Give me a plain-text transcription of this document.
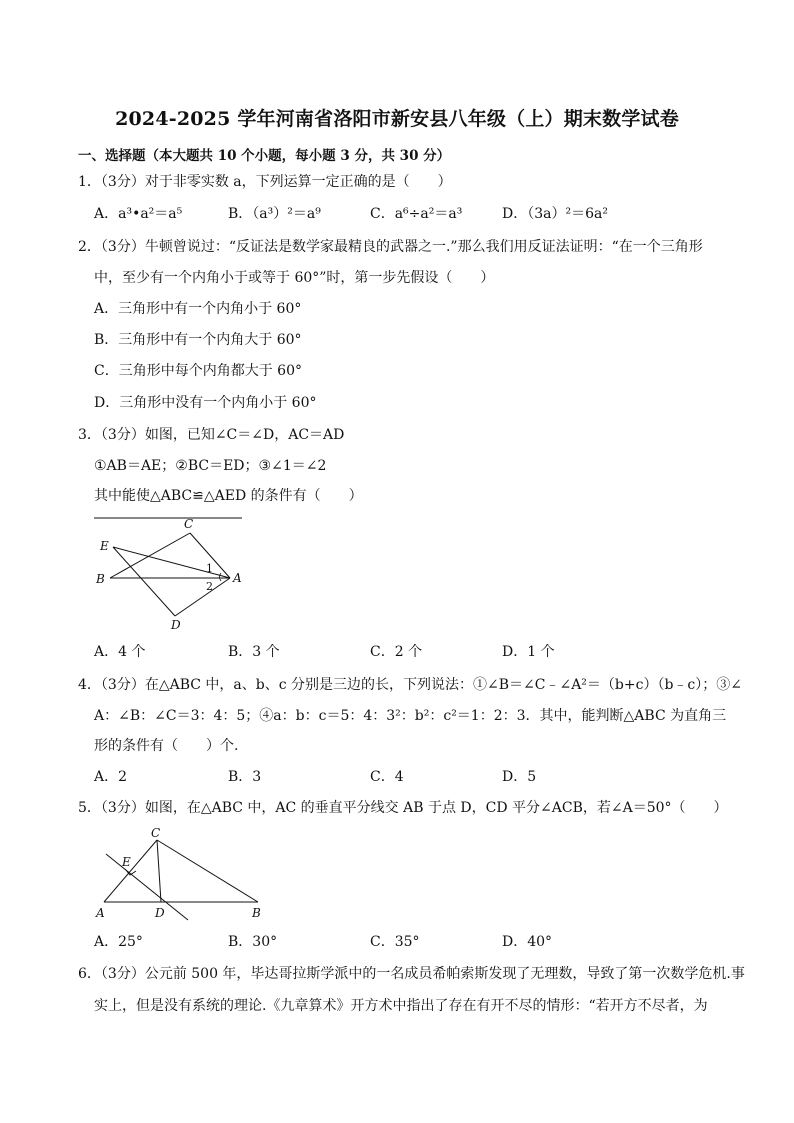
2024-2025 学年河南省洛阳市新安县八年级（上）期末数学试卷
一、选择题（本大题共 10 个小题，每小题 3 分，共 30 分）
1．（3分）对于非零实数 a，下列运算一定正确的是（　　）
A．a³•a²＝a⁵	B．（a³）²＝a⁹	C．a⁶÷a²＝a³	D．（3a）²＝6a²
2．（3分）牛顿曾说过：“反证法是数学家最精良的武器之一.”那么我们用反证法证明：“在一个三角形
中，至少有一个内角小于或等于 60°”时，第一步先假设（　　）
A．三角形中有一个内角小于 60°
B．三角形中有一个内角大于 60°
C．三角形中每个内角都大于 60°
D．三角形中没有一个内角小于 60°
3．（3分）如图，已知∠C＝∠D，AC＝AD
①AB＝AE；②BC＝ED；③∠1＝∠2
其中能使△ABC≌△AED 的条件有（　　）
C
E
B
1
2
A
D
A．4 个	B．3 个	C．2 个	D．1 个
4．（3分）在△ABC 中，a、b、c 分别是三边的长，下列说法：①∠B＝∠C﹣∠A²＝（b+c）（b﹣c）；③∠
A：∠B：∠C＝3：4：5；④a：b：c＝5：4：3²：b²：c²＝1：2：3．其中，能判断△ABC 为直角三
形的条件有（　　）个.
A．2	B．3	C．4	D．5
5．（3分）如图，在△ABC 中，AC 的垂直平分线交 AB 于点 D，CD 平分∠ACB，若∠A＝50°（　　）
C
E
A	D	B
A．25°	B．30°	C．35°	D．40°
6．（3分）公元前 500 年，毕达哥拉斯学派中的一名成员希帕索斯发现了无理数，导致了第一次数学危机.事
实上，但是没有系统的理论.《九章算术》开方术中指出了存在有开不尽的情形：“若开方不尽者，为
